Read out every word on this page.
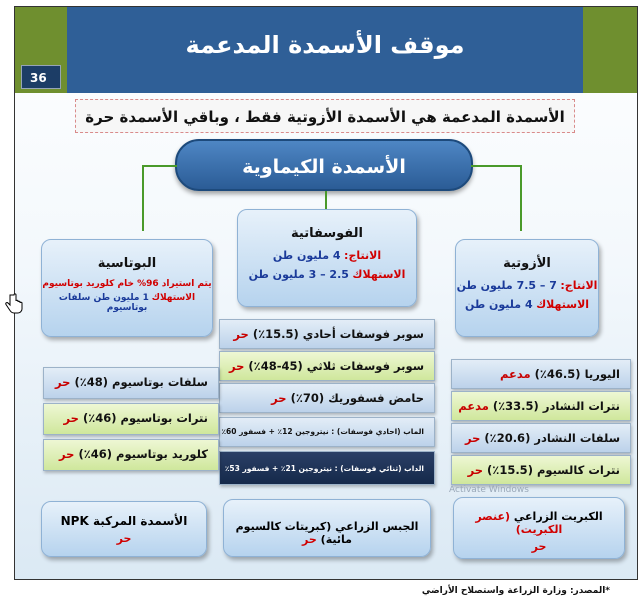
موقف الأسمدة المدعمة
36
الأسمدة المدعمة هي الأسمدة الأزوتية فقط ، وباقي الأسمدة حرة
الأسمدة الكيماوية
الأزوتية
الانتاج: 7 – 7.5 مليون طن
الاستهلاك 4 مليون طن
الفوسفاتية
الانتاج: 4 مليون طن
الاستهلاك 2.5 – 3 مليون طن
البوتاسية
يتم استيراد 96% خام كلوريد بوتاسيوم
الاستهلاك 1 مليون طن سلفات بوتاسيوم
اليوريا (46.5٪) مدعم
نترات النشادر (33.5٪) مدعم
سلفات النشادر (20.6٪) حر
نترات كالسيوم (15.5٪) حر
سوبر فوسفات أحادي (15.5٪) حر
سوبر فوسفات ثلاثي (45-48٪) حر
حامض فسفوريك (70٪) حر
الماب (احادي فوسفات) : نيتروجين 12٪ + فسفور 60٪
الداب (ثنائي فوسفات) : نيتروجين 21٪ + فسفور 53٪
سلفات بوتاسيوم (48٪) حر
نترات بوتاسيوم (46٪) حر
كلوريد بوتاسيوم (46٪) حر
الكبريت الزراعي (عنصر الكبريت)
حر
الجبس الزراعي (كبريتات كالسيوم مائية) حر
الأسمدة المركبة NPK
حر
Activate Windows
*المصدر: وزارة الزراعة واستصلاح الأراضي
